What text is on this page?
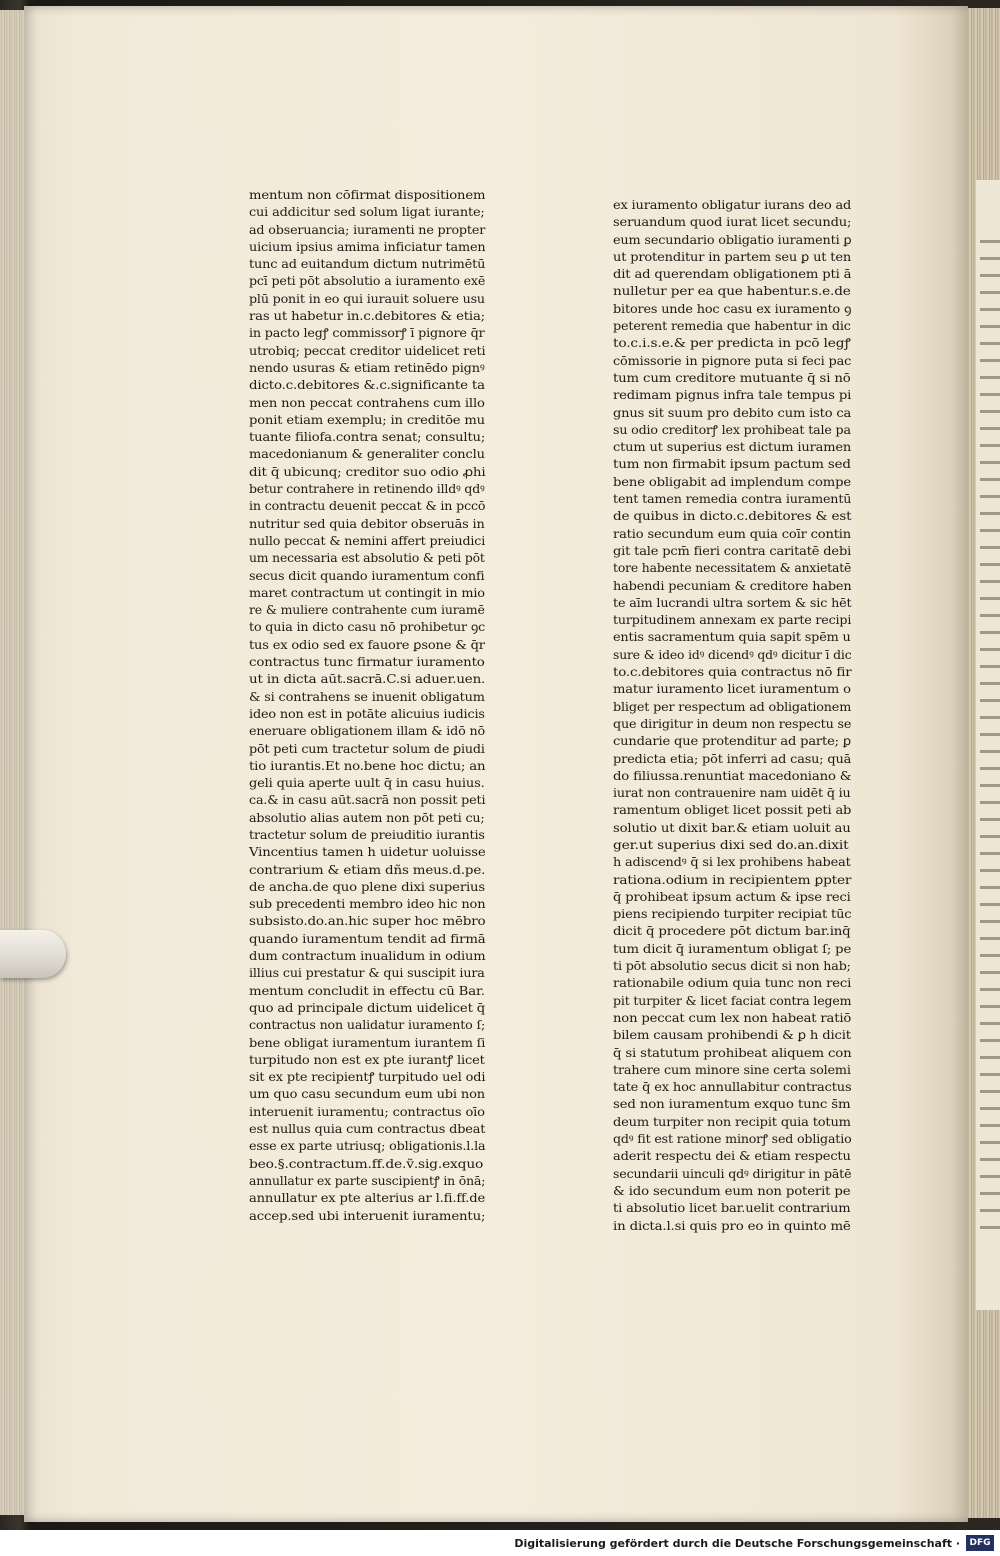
mentum non cōfirmat dispositionem
cui addicitur sed solum ligat iurante;
ad obseruancia; iuramenti ne propter
uicium ipsius amima inficiatur tamen
tunc ad euitandum dictum nutrimētū
pcī peti pōt absolutio a iuramento exē
plū ponit in eo qui iurauit soluere usu
ras ut habetur in.c.debitores & etia;
in pacto legꝭ commissorꝭ ī pignore q̄r
utrobiq; peccat creditor uidelicet reti
nendo usuras & etiam retinēdo pignꝰ
dicto.c.debitores &.c.significante ta
men non peccat contrahens cum illo
ponit etiam exemplu; in creditōe mu
tuante filiofa.contra senat; consultu;
macedonianum & generaliter conclu
dit q̄ ubicunq; creditor suo odio ꝓhi
betur contrahere in retinendo illdꝰ qdꝰ
in contractu deuenit peccat & in pccō
nutritur sed quia debitor obseruās in
nullo peccat & nemini affert preiudici
um necessaria est absolutio & peti pōt
secus dicit quando iuramentum confi
maret contractum ut contingit in mio
re & muliere contrahente cum iuramē
to quia in dicto casu nō prohibetur ꝯc
tus ex odio sed ex fauore ꝑsone & q̄r
contractus tunc firmatur iuramento
ut in dicta aūt.sacrā.C.si aduer.uen.
& si contrahens se inuenit obligatum
ideo non est in potāte alicuius iudicis
eneruare obligationem illam & idō nō
pōt peti cum tractetur solum de ꝑiudi
tio iurantis.Et no.bene hoc dictu; an
geli quia aperte uult q̄ in casu huius.
ca.& in casu aūt.sacrā non possit peti
absolutio alias autem non pōt peti cu;
tractetur solum de preiuditio iurantis
Vincentius tamen h uidetur uoluisse
contrarium & etiam dñs meus.d.pe.
de ancha.de quo plene dixi superius
sub precedenti membro ideo hic non
subsisto.do.an.hic super hoc mēbro
quando iuramentum tendit ad firmā
dum contractum inualidum in odium
illius cui prestatur & qui suscipit iura
mentum concludit in effectu cū Bar.
quo ad principale dictum uidelicet q̄
contractus non ualidatur iuramento ſ;
bene obligat iuramentum iurantem ſi
turpitudo non est ex pte iurantꝭ licet
sit ex pte recipientꝭ turpitudo uel odi
um quo casu secundum eum ubi non
interuenit iuramentu; contractus oīo
est nullus quia cum contractus dbeat
esse ex parte utriusq; obligationis.l.la
beo.§.contractum.ff.de.ṽ.sig.exquo
annullatur ex parte suscipientꝭ in ōnā;
annullatur ex pte alterius ar l.fi.ff.de
accep.sed ubi interuenit iuramentu;
ex iuramento obligatur iurans deo ad
seruandum quod iurat licet secundu;
eum secundario obligatio iuramenti ꝑ
ut protenditur in partem seu ꝑ ut ten
dit ad querendam obligationem pti ā
nulletur per ea que habentur.s.e.de
bitores unde hoc casu ex iuramento ꝯ
peterent remedia que habentur in dic
to.c.i.s.e.& per predicta in pcō legꝭ
cōmissorie in pignore puta si feci pac
tum cum creditore mutuante q̄ si nō
redimam pignus infra tale tempus pi
gnus sit suum pro debito cum isto ca
su odio creditorꝭ lex prohibeat tale pa
ctum ut superius est dictum iuramen
tum non firmabit ipsum pactum sed
bene obligabit ad implendum compe
tent tamen remedia contra iuramentū
de quibus in dicto.c.debitores & est
ratio secundum eum quia coīr contin
git tale pcm̄ fieri contra caritatē debi
tore habente necessitatem & anxietatē
habendi pecuniam & creditore haben
te aīm lucrandi ultra sortem & sic hēt
turpitudinem annexam ex parte recipi
entis sacramentum quia sapit spēm u
sure & ideo idꝰ dicendꝰ qdꝰ dicitur ī dic
to.c.debitores quia contractus nō fir
matur iuramento licet iuramentum o
bliget per respectum ad obligationem
que dirigitur in deum non respectu se
cundarie que protenditur ad parte; ꝑ
predicta etia; pōt inferri ad casu; quā
do filiussa.renuntiat macedoniano &
iurat non contrauenire nam uidēt q̄ iu
ramentum obliget licet possit peti ab
solutio ut dixit bar.& etiam uoluit au
ger.ut superius dixi sed do.an.dixit
h adiscendꝰ q̄ si lex prohibens habeat
rationa.odium in recipientem ꝑpter
q̄ prohibeat ipsum actum & ipse reci
piens recipiendo turpiter recipiat tūc
dicit q̄ procedere pōt dictum bar.inq̄
tum dicit q̄ iuramentum obligat ſ; pe
ti pōt absolutio secus dicit si non hab;
rationabile odium quia tunc non reci
pit turpiter & licet faciat contra legem
non peccat cum lex non habeat ratiō
bilem causam prohibendi & ꝑ h dicit
q̄ si statutum prohibeat aliquem con
trahere cum minore sine certa solemi
tate q̄ ex hoc annullabitur contractus
sed non iuramentum exquo tunc s̄m
deum turpiter non recipit quia totum
qdꝰ fit est ratione minorꝭ sed obligatio
aderit respectu dei & etiam respectu
secundarii uinculi qdꝰ dirigitur in pātē
& ido secundum eum non poterit pe
ti absolutio licet bar.uelit contrarium
in dicta.l.si quis pro eo in quinto mē
Digitalisierung gefördert durch die Deutsche Forschungsgemeinschaft ·	DFG
